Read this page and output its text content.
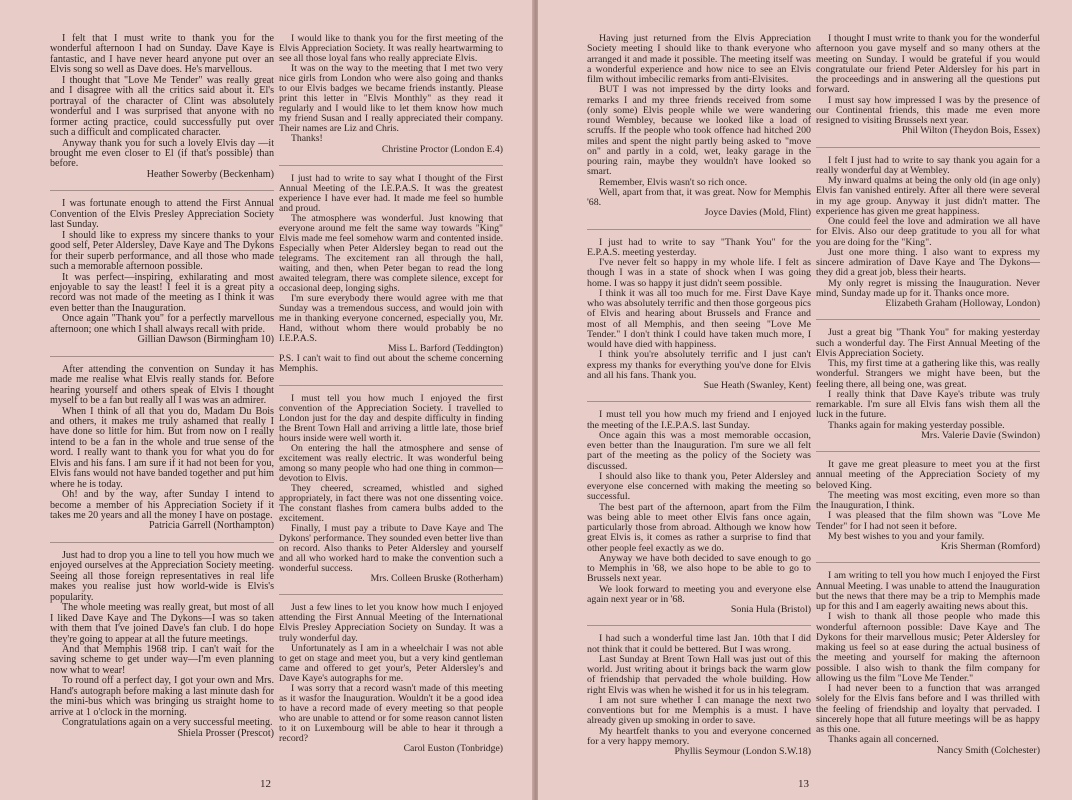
I felt that I must write to thank you for the wonderful afternoon I had on Sunday. Dave Kaye is fantastic, and I have never heard anyone put over an Elvis song so well as Dave does. He's marvellous.

I thought that "Love Me Tender" was really great and I disagree with all the critics said about it. El's portrayal of the character of Clint was absolutely wonderful and I was surprised that anyone with no former acting practice, could successfully put over such a difficult and complicated character.

Anyway thank you for such a lovely Elvis day —it brought me even closer to El (if that's possible) than before.

Heather Sowerby (Beckenham)

I was fortunate enough to attend the First Annual Convention of the Elvis Presley Appreciation Society last Sunday.

I should like to express my sincere thanks to your good self, Peter Aldersley, Dave Kaye and The Dykons for their superb performance, and all those who made such a memorable afternoon possible.

It was perfect—inspiring, exhilarating and most enjoyable to say the least! I feel it is a great pity a record was not made of the meeting as I think it was even better than the Inauguration.

Once again "Thank you" for a perfectly marvellous afternoon; one which I shall always recall with pride.

Gillian Dawson (Birmingham 10)

After attending the convention on Sunday it has made me realise what Elvis really stands for. Before hearing yourself and others speak of Elvis I thought myself to be a fan but really all I was was an admirer.

When I think of all that you do, Madam Du Bois and others, it makes me truly ashamed that really I have done so little for him. But from now on I really intend to be a fan in the whole and true sense of the word. I really want to thank you for what you do for Elvis and his fans. I am sure if it had not been for you, Elvis fans would not have banded together and put him where he is today.

Oh! and by the way, after Sunday I intend to become a member of his Appreciation Society if it takes me 20 years and all the money I have on postage.

Patricia Garrell (Northampton)

Just had to drop you a line to tell you how much we enjoyed ourselves at the Appreciation Society meeting. Seeing all those foreign representatives in real life makes you realise just how world-wide is Elvis's popularity.

The whole meeting was really great, but most of all I liked Dave Kaye and The Dykons—I was so taken with them that I've joined Dave's fan club. I do hope they're going to appear at all the future meetings.

And that Memphis 1968 trip. I can't wait for the saving scheme to get under way—I'm even planning now what to wear!

To round off a perfect day, I got your own and Mrs. Hand's autograph before making a last minute dash for the mini-bus which was bringing us straight home to arrive at 1 o'clock in the morning.

Congratulations again on a very successful meeting.

Shiela Prosser (Prescot)

I would like to thank you for the first meeting of the Elvis Appreciation Society. It was really heartwarming to see all those loyal fans who really appreciate Elvis.

It was on the way to the meeting that I met two very nice girls from London who were also going and thanks to our Elvis badges we became friends instantly. Please print this letter in "Elvis Monthly" as they read it regularly and I would like to let them know how much my friend Susan and I really appreciated their company. Their names are Liz and Chris.

Thanks!

Christine Proctor (London E.4)

I just had to write to say what I thought of the First Annual Meeting of the I.E.P.A.S. It was the greatest experience I have ever had. It made me feel so humble and proud.

The atmosphere was wonderful. Just knowing that everyone around me felt the same way towards "King" Elvis made me feel somehow warm and contented inside. Especially when Peter Aldersley began to read out the telegrams. The excitement ran all through the hall, waiting, and then, when Peter began to read the long awaited telegram, there was complete silence, except for occasional deep, longing sighs.

I'm sure everybody there would agree with me that Sunday was a tremendous success, and would join with me in thanking everyone concerned, especially you, Mr. Hand, without whom there would probably be no I.E.P.A.S.

Miss L. Barford (Teddington)

P.S. I can't wait to find out about the scheme concerning Memphis.

I must tell you how much I enjoyed the first convention of the Appreciation Society. I travelled to London just for the day and despite difficulty in finding the Brent Town Hall and arriving a little late, those brief hours inside were well worth it.

On entering the hall the atmosphere and sense of excitement was really electric. It was wonderful being among so many people who had one thing in common—devotion to Elvis.

They cheered, screamed, whistled and sighed appropriately, in fact there was not one dissenting voice. The constant flashes from camera bulbs added to the excitement.

Finally, I must pay a tribute to Dave Kaye and The Dykons' performance. They sounded even better live than on record. Also thanks to Peter Aldersley and yourself and all who worked hard to make the convention such a wonderful success.

Mrs. Colleen Bruske (Rotherham)

Just a few lines to let you know how much I enjoyed attending the First Annual Meeting of the International Elvis Presley Appreciation Society on Sunday. It was a truly wonderful day.

Unfortunately as I am in a wheelchair I was not able to get on stage and meet you, but a very kind gentleman came and offered to get your's, Peter Aldersley's and Dave Kaye's autographs for me.

I was sorry that a record wasn't made of this meeting as it wasfor the Inauguration. Wouldn't it be a good idea to have a record made of every meeting so that people who are unable to attend or for some reason cannot listen to it on Luxembourg will be able to hear it through a record?

Carol Euston (Tonbridge)

12

Having just returned from the Elvis Appreciation Society meeting I should like to thank everyone who arranged it and made it possible. The meeting itself was a wonderful experience and how nice to see an Elvis film without imbecilic remarks from anti-Elvisites.

BUT I was not impressed by the dirty looks and remarks I and my three friends received from some (only some) Elvis people while we were wandering round Wembley, because we looked like a load of scruffs. If the people who took offence had hitched 200 miles and spent the night partly being asked to "move on" and partly in a cold, wet, leaky garage in the pouring rain, maybe they wouldn't have looked so smart.

Remember, Elvis wasn't so rich once.

Well, apart from that, it was great. Now for Memphis '68.

Joyce Davies (Mold, Flint)

I just had to write to say "Thank You" for the E.P.A.S. meeting yesterday.

I've never felt so happy in my whole life. I felt as though I was in a state of shock when I was going home. I was so happy it just didn't seem possible.

I think it was all too much for me. First Dave Kaye who was absolutely terrific and then those gorgeous pics of Elvis and hearing about Brussels and France and most of all Memphis, and then seeing "Love Me Tender." I don't think I could have taken much more, I would have died with happiness.

I think you're absolutely terrific and I just can't express my thanks for everything you've done for Elvis and all his fans. Thank you.

Sue Heath (Swanley, Kent)

I must tell you how much my friend and I enjoyed the meeting of the I.E.P.A.S. last Sunday.

Once again this was a most memorable occasion, even better than the Inauguration. I'm sure we all felt part of the meeting as the policy of the Society was discussed.

I should also like to thank you, Peter Aldersley and everyone else concerned with making the meeting so successful.

The best part of the afternoon, apart from the Film was being able to meet other Elvis fans once again, particularly those from abroad. Although we know how great Elvis is, it comes as rather a surprise to find that other people feel exactly as we do.

Anyway we have both decided to save enough to go to Memphis in '68, we also hope to be able to go to Brussels next year.

We look forward to meeting you and everyone else again next year or in '68.

Sonia Hula (Bristol)

I had such a wonderful time last Jan. 10th that I did not think that it could be bettered. But I was wrong.

Last Sunday at Brent Town Hall was just out of this world. Just writing about it brings back the warm glow of friendship that pervaded the whole building. How right Elvis was when he wished it for us in his telegram.

I am not sure whether I can manage the next two conventions but for me Memphis is a must. I have already given up smoking in order to save.

My heartfelt thanks to you and everyone concerned for a very happy memory.

Phyllis Seymour (London S.W.18)

I thought I must write to thank you for the wonderful afternoon you gave myself and so many others at the meeting on Sunday. I would be grateful if you would congratulate our friend Peter Aldersley for his part in the proceedings and in answering all the questions put forward.

I must say how impressed I was by the presence of our Continental friends, this made me even more resigned to visiting Brussels next year.

Phil Wilton (Theydon Bois, Essex)

I felt I just had to write to say thank you again for a really wonderful day at Wembley.

My inward qualms at being the only old (in age only) Elvis fan vanished entirely. After all there were several in my age group. Anyway it just didn't matter. The experience has given me great happiness.

One could feel the love and admiration we all have for Elvis. Also our deep gratitude to you all for what you are doing for the "King".

Just one more thing. I also want to express my sincere admiration of Dave Kaye and The Dykons—they did a great job, bless their hearts.

My only regret is missing the Inauguration. Never mind, Sunday made up for it. Thanks once more.

Elizabeth Graham (Holloway, London)

Just a great big "Thank You" for making yesterday such a wonderful day. The First Annual Meeting of the Elvis Appreciation Society.

This, my first time at a gathering like this, was really wonderful. Strangers we might have been, but the feeling there, all being one, was great.

I really think that Dave Kaye's tribute was truly remarkable. I'm sure all Elvis fans wish them all the luck in the future.

Thanks again for making yesterday possible.

Mrs. Valerie Davie (Swindon)

It gave me great pleasure to meet you at the first annual meeting of the Appreciation Society of my beloved King.

The meeting was most exciting, even more so than the Inauguration, I think.

I was pleased that the film shown was "Love Me Tender" for I had not seen it before.

My best wishes to you and your family.

Kris Sherman (Romford)

I am writing to tell you how much I enjoyed the First Annual Meeting. I was unable to attend the Inauguration but the news that there may be a trip to Memphis made up for this and I am eagerly awaiting news about this.

I wish to thank all those people who made this wonderful afternoon possible: Dave Kaye and The Dykons for their marvellous music; Peter Aldersley for making us feel so at ease during the actual business of the meeting and yourself for making the afternoon possible. I also wish to thank the film company for allowing us the film "Love Me Tender."

I had never been to a function that was arranged solely for the Elvis fans before and I was thrilled with the feeling of friendship and loyalty that pervaded. I sincerely hope that all future meetings will be as happy as this one.

Thanks again all concerned.

Nancy Smith (Colchester)

13
